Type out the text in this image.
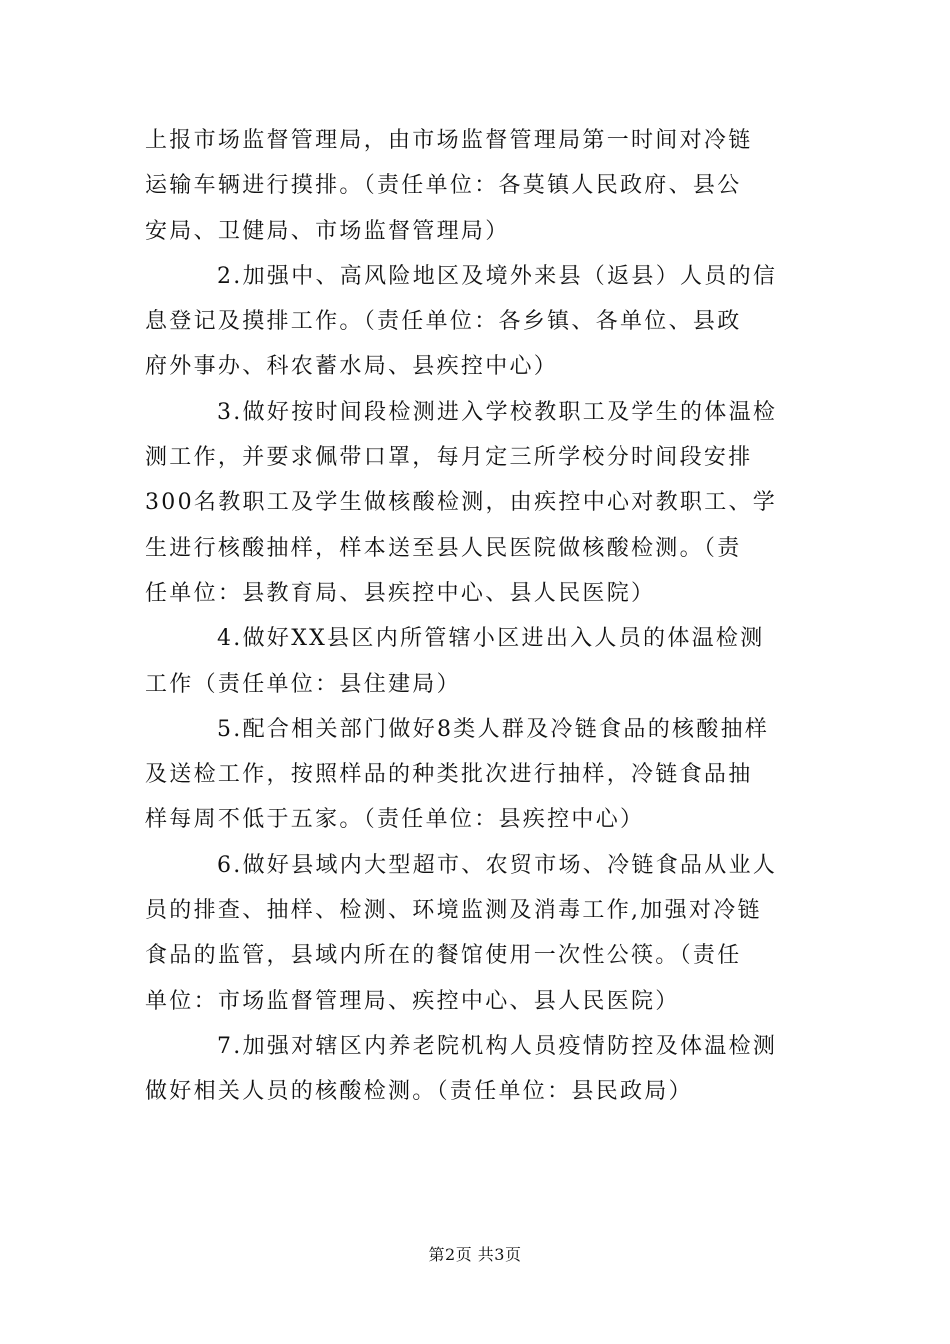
上报市场监督管理局，由市场监督管理局第一时间对冷链
运输车辆进行摸排。（责任单位：各莫镇人民政府、县公
安局、卫健局、市场监督管理局）

2.加强中、高风险地区及境外来县（返县）人员的信
息登记及摸排工作。（责任单位：各乡镇、各单位、县政
府外事办、科农蓄水局、县疾控中心）

3.做好按时间段检测进入学校教职工及学生的体温检
测工作，并要求佩带口罩，每月定三所学校分时间段安排
300名教职工及学生做核酸检测，由疾控中心对教职工、学
生进行核酸抽样，样本送至县人民医院做核酸检测。（责
任单位：县教育局、县疾控中心、县人民医院）

4.做好XX县区内所管辖小区进出入人员的体温检测
工作（责任单位：县住建局）

5.配合相关部门做好8类人群及冷链食品的核酸抽样
及送检工作，按照样品的种类批次进行抽样，冷链食品抽
样每周不低于五家。（责任单位：县疾控中心）

6.做好县域内大型超市、农贸市场、冷链食品从业人
员的排查、抽样、检测、环境监测及消毒工作,加强对冷链
食品的监管，县域内所在的餐馆使用一次性公筷。（责任
单位：市场监督管理局、疾控中心、县人民医院）

7.加强对辖区内养老院机构人员疫情防控及体温检测
做好相关人员的核酸检测。（责任单位：县民政局）

第2页 共3页
